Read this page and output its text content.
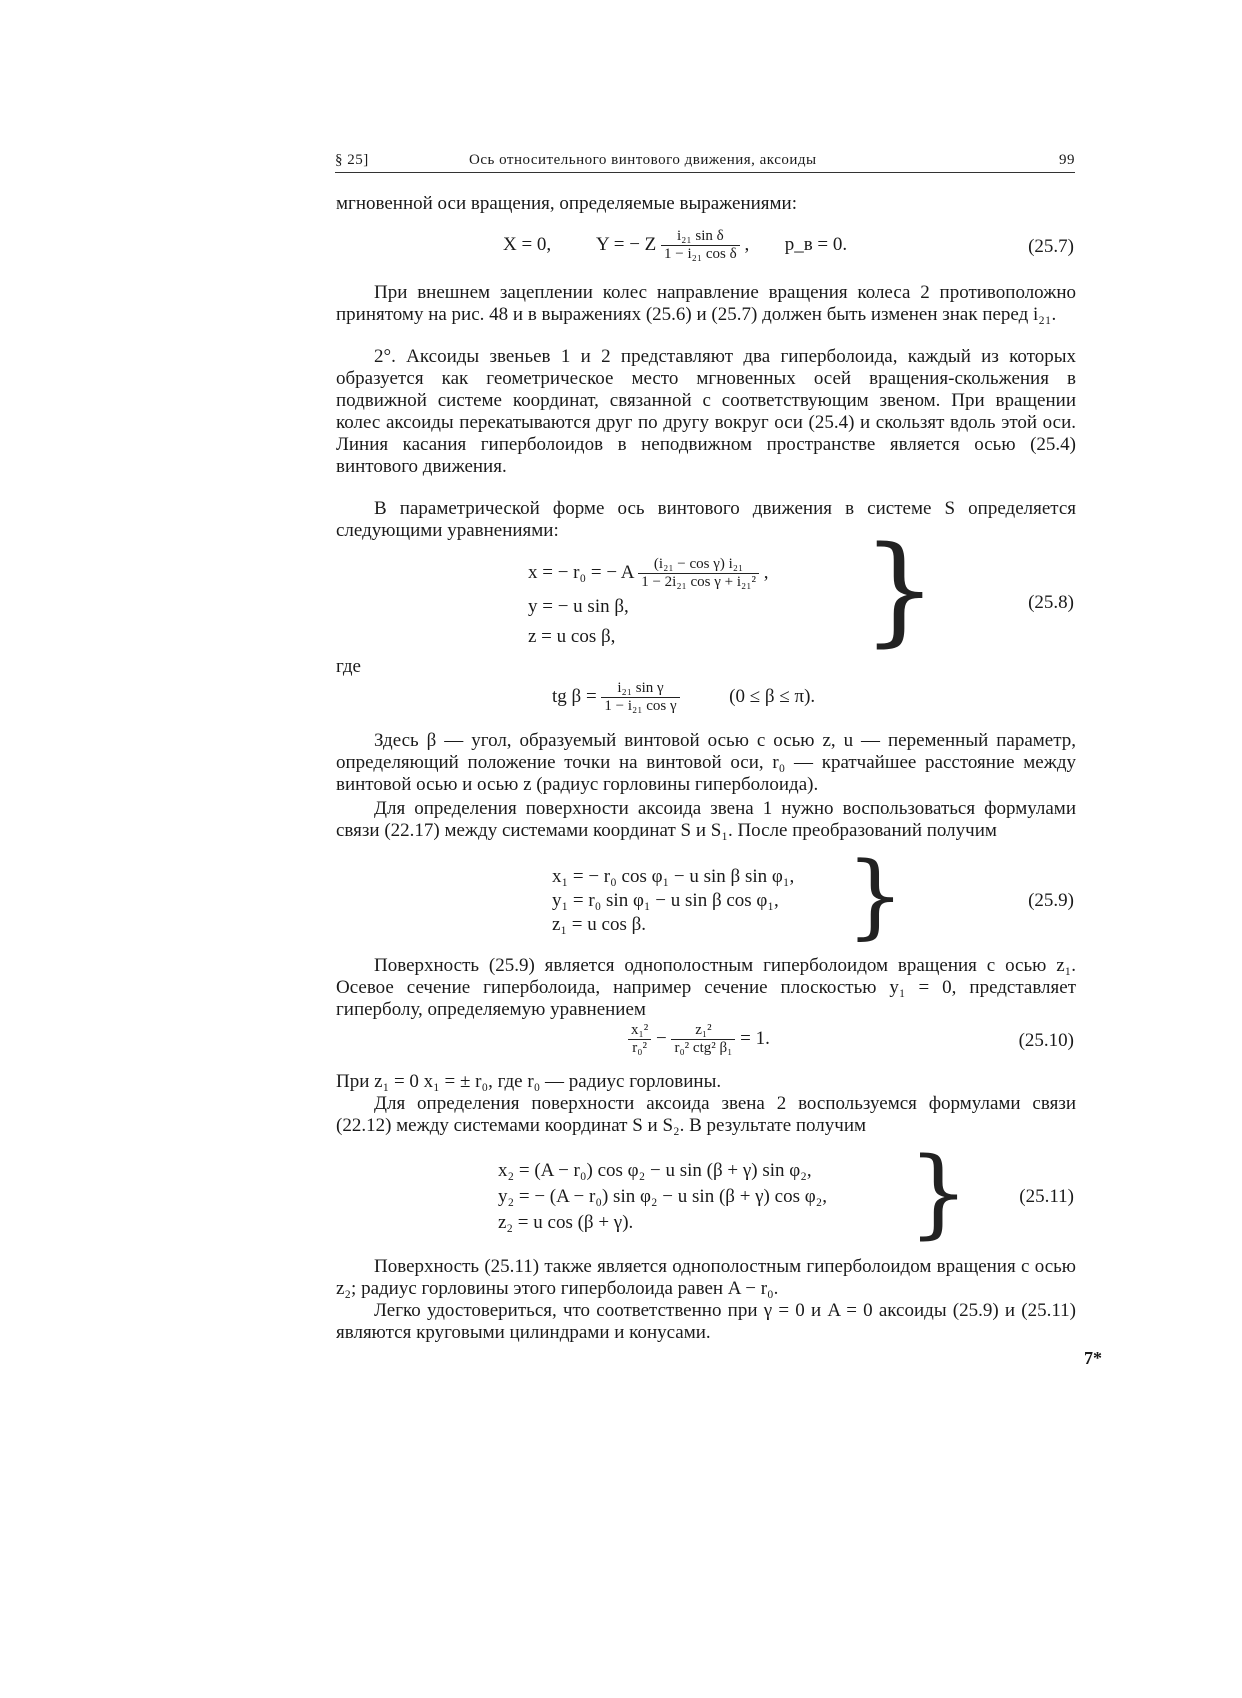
§ 25]	Ось относительного винтового движения, аксоиды	99
мгновенной оси вращения, определяемые выражениями:
X = 0, Y = − Z $\frac{\text{i₂₁ sin δ}}{\text{1 − i₂₁ cos δ}}$ , p_в = 0.	(25.7)
При внешнем зацеплении колес направление вращения колеса 2 противоположно принятому на рис. 48 и в выражениях (25.6) и (25.7) должен быть изменен знак перед i₂₁.
2°. Аксоиды звеньев 1 и 2 представляют два гиперболоида, каждый из которых образуется как геометрическое место мгновенных осей вращения-скольжения в подвижной системе координат, связанной с соответствующим звеном. При вращении колес аксоиды перекатываются друг по другу вокруг оси (25.4) и скользят вдоль этой оси. Линия касания гиперболоидов в неподвижном пространстве является осью (25.4) винтового движения.
В параметрической форме ось винтового движения в системе S определяется следующими уравнениями:
x = − r₀ = − A $\frac{\text{(i₂₁ − cos γ) i₂₁}}{\text{1 − 2i₂₁ cos γ + i₂₁²}}$ ,
y = − u sin β,
z = u cos β, }	(25.8)
где
tg $\beta = \frac{\text{i₂₁ sin γ}}{\text{1 − i₂₁ cos γ}}$	(0 ≤ β ≤ π).
Здесь β — угол, образуемый винтовой осью с осью z, u — переменный параметр, определяющий положение точки на винтовой оси, r₀ — кратчайшее расстояние между винтовой осью и осью z (радиус горловины гиперболоида).
Для определения поверхности аксоида звена 1 нужно воспользоваться формулами связи (22.17) между системами координат S и S₁. После преобразований получим
x₁ = − r₀ cos φ₁ − u sin β sin φ₁,
y₁ = r₀ sin φ₁ − u sin β cos φ₁,
z₁ = u cos β. }	(25.9)
Поверхность (25.9) является однополостным гиперболоидом вращения с осью z₁. Осевое сечение гиперболоида, например сечение плоскостью y₁ = 0, представляет гиперболу, определяемую уравнением
$\frac{\text{x₁²}}{\text{r₀²}} - \frac{\text{z₁²}}{\text{r₀² ctg² β₁}} = 1$.	(25.10)
При z₁ = 0 x₁ = ± r₀, где r₀ — радиус горловины.
Для определения поверхности аксоида звена 2 воспользуемся формулами связи (22.12) между системами координат S и S₂. В результате получим
x₂ = (A − r₀) cos φ₂ − u sin (β + γ) sin φ₂,
y₂ = − (A − r₀) sin φ₂ − u sin (β + γ) cos φ₂,
z₂ = u cos (β + γ).	}	(25.11)
Поверхность (25.11) также является однополостным гиперболоидом вращения с осью z₂; радиус горловины этого гиперболоида равен A − r₀.
Легко удостовериться, что соответственно при γ = 0 и A = 0 аксоиды (25.9) и (25.11) являются круговыми цилиндрами и конусами.
7*
